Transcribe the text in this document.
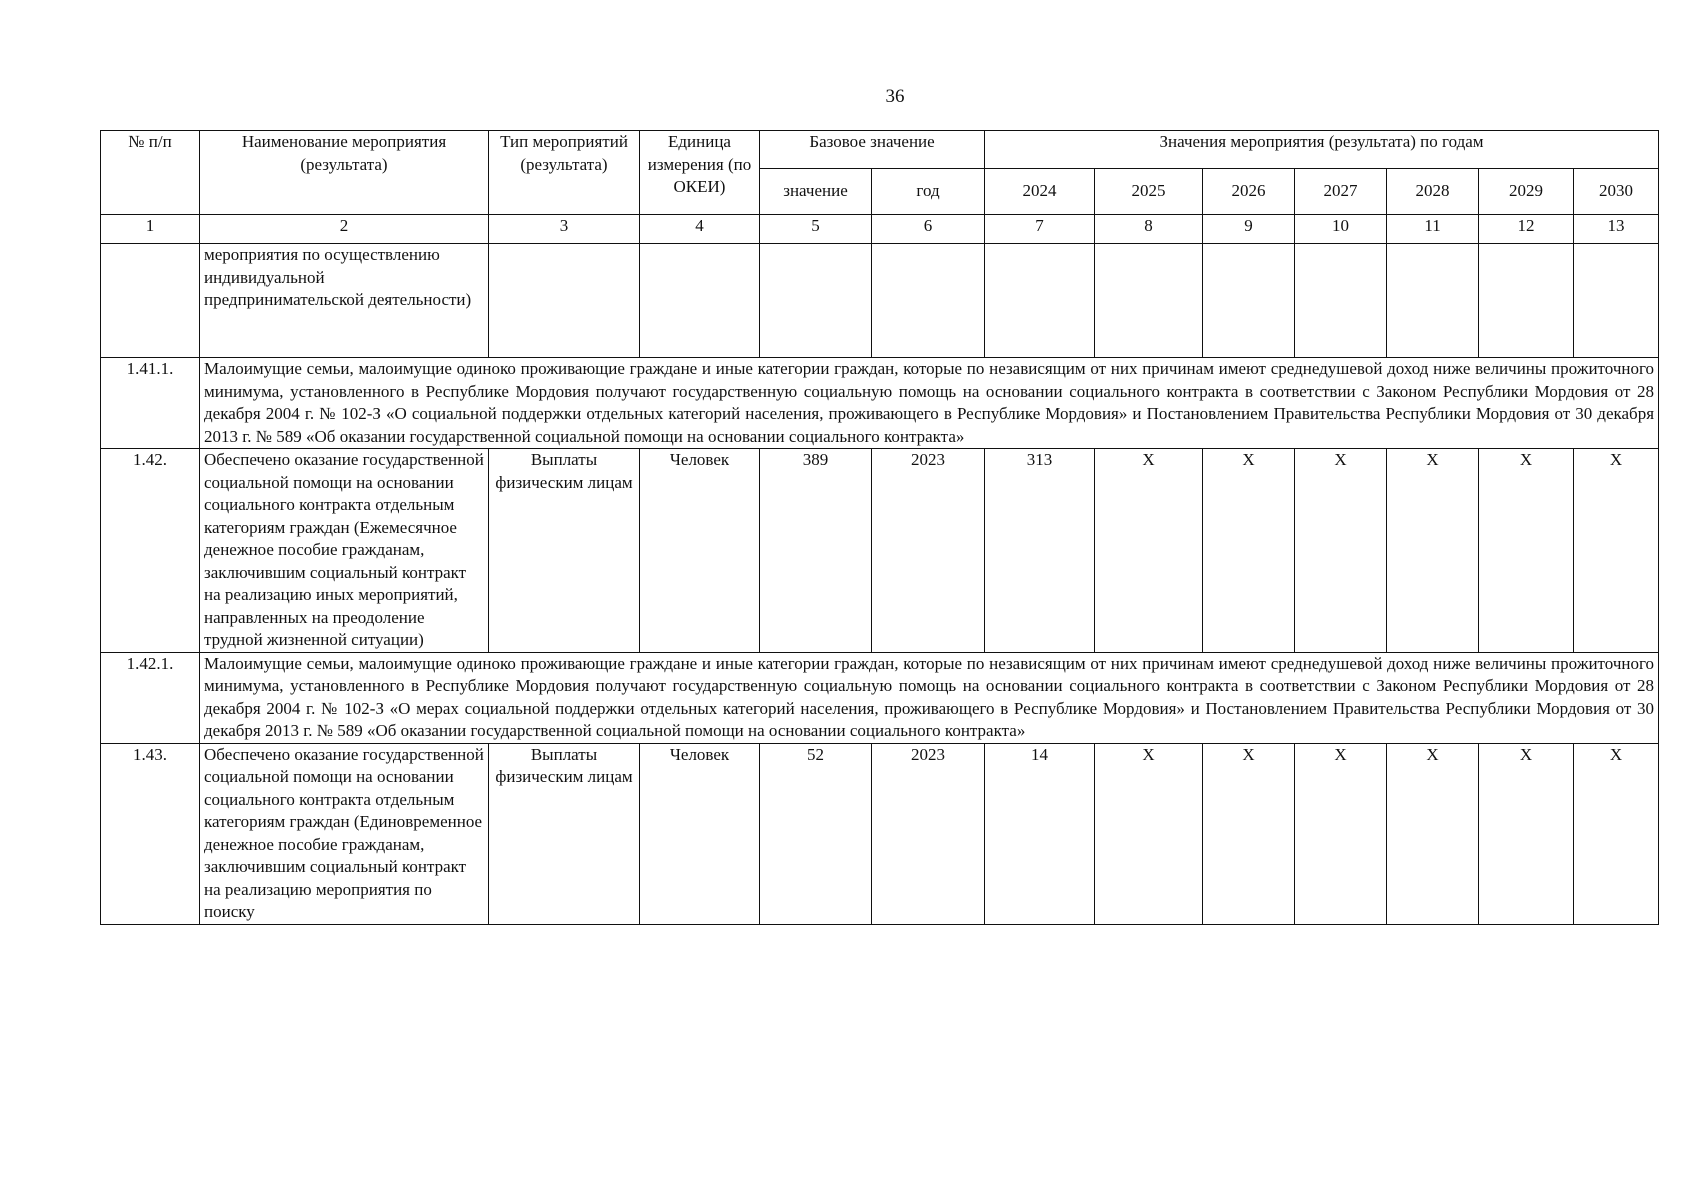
36
№ п/п	Наименование мероприятия (результата)	Тип мероприятий (результата)	Единица измерения (по ОКЕИ)	Базовое значение		Значения мероприятия (результата) по годам						
				значение	год	2024	2025	2026	2027	2028	2029	2030
1	2	3	4	5	6	7	8	9	10	11	12	13
	мероприятия по осуществлению индивидуальной предпринимательской деятельности)											
1.41.1.	Малоимущие семьи, малоимущие одиноко проживающие граждане и иные категории граждан, которые по независящим от них причинам имеют среднедушевой доход ниже величины прожиточного минимума, установленного в Республике Мордовия получают государственную социальную помощь на основании социального контракта в соответствии с Законом Республики Мордовия от 28 декабря 2004 г. № 102-З «О социальной поддержки отдельных категорий населения, проживающего в Республике Мордовия» и Постановлением Правительства Республики Мордовия от 30 декабря 2013 г. № 589 «Об оказании государственной социальной помощи на основании социального контракта»											
1.42.	Обеспечено оказание государственной социальной помощи на основании социального контракта отдельным категориям граждан (Ежемесячное денежное пособие гражданам, заключившим социальный контракт на реализацию иных мероприятий, направленных на преодоление трудной жизненной ситуации)	Выплаты физическим лицам	Человек	389	2023	313	X	X	X	X	X	X
1.42.1.	Малоимущие семьи, малоимущие одиноко проживающие граждане и иные категории граждан, которые по независящим от них причинам имеют среднедушевой доход ниже величины прожиточного минимума, установленного в Республике Мордовия получают государственную социальную помощь на основании социального контракта в соответствии с Законом Республики Мордовия от 28 декабря 2004 г. № 102-З «О мерах социальной поддержки отдельных категорий населения, проживающего в Республике Мордовия» и Постановлением Правительства Республики Мордовия от 30 декабря 2013 г. № 589 «Об оказании государственной социальной помощи на основании социального контракта»											
1.43.	Обеспечено оказание государственной социальной помощи на основании социального контракта отдельным категориям граждан (Единовременное денежное пособие гражданам, заключившим социальный контракт на реализацию мероприятия по поиску	Выплаты физическим лицам	Человек	52	2023	14	X	X	X	X	X	X
